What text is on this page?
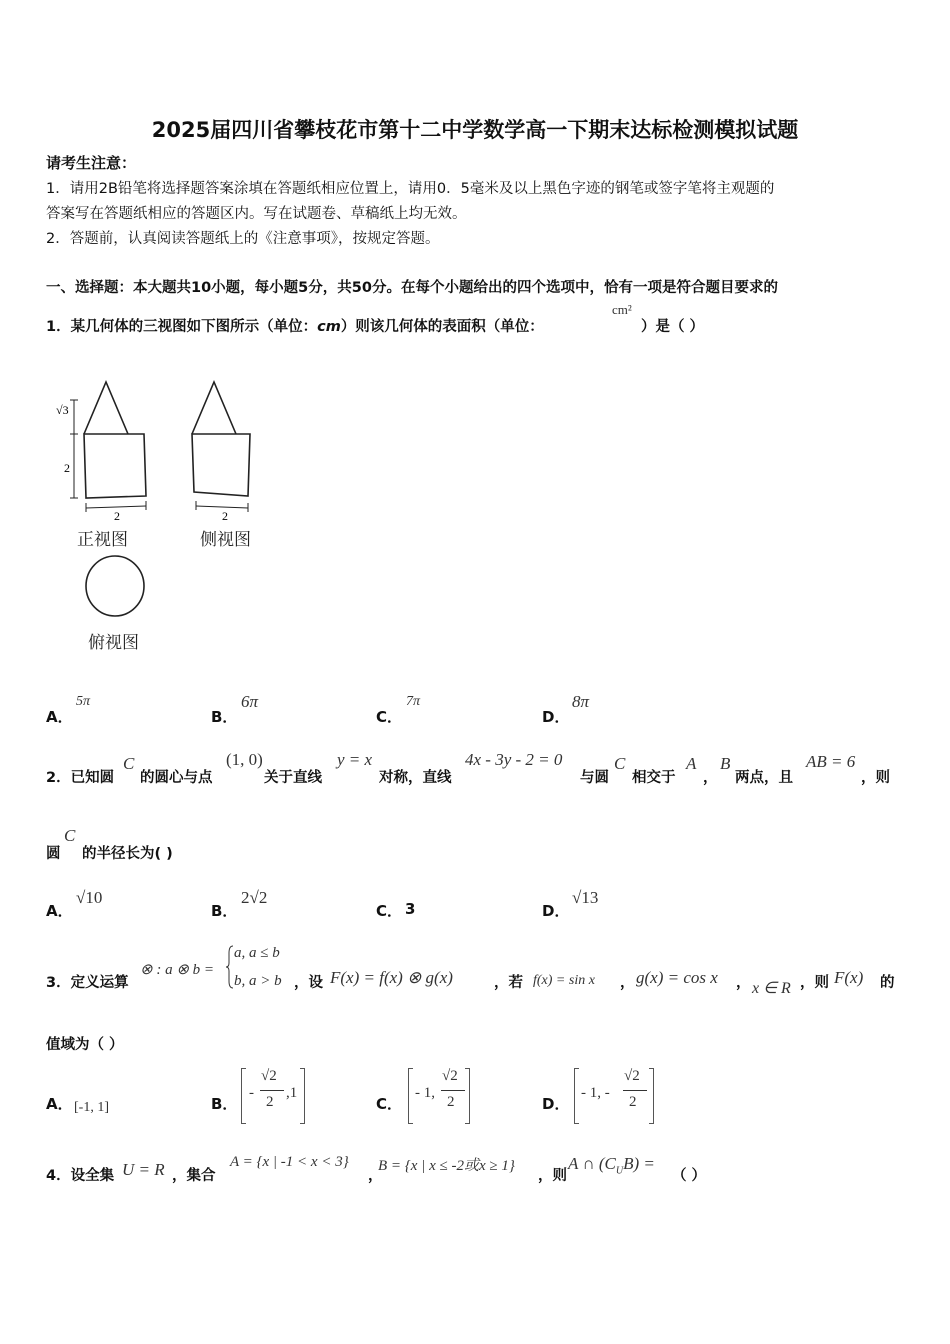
2025届四川省攀枝花市第十二中学数学高一下期末达标检测模拟试题
请考生注意：
1．请用2B铅笔将选择题答案涂填在答题纸相应位置上，请用0．5毫米及以上黑色字迹的钢笔或签字笔将主观题的
答案写在答题纸相应的答题区内。写在试题卷、草稿纸上均无效。
2．答题前，认真阅读答题纸上的《注意事项》，按规定答题。
一、选择题：本大题共10小题，每小题5分，共50分。在每个小题给出的四个选项中，恰有一项是符合题目要求的
1．某几何体的三视图如下图所示（单位：cm）则该几何体的表面积（单位：
cm²
）是（ ）
√3
2
2	2
正视图	侧视图
俯视图
A．
5π
B．
6π
C．
7π
D．
8π
2．已知圆
C
的圆心与点
(1, 0)
关于直线
y = x
对称，直线
4x - 3y - 2 = 0
与圆
C
相交于
A
，
B
两点，且
AB = 6
，则
圆
C
的半径长为( )
A．
√10
B．
2√2
C． 3	D．
√13
3．定义运算
⊗ : a ⊗ b =
a, a ≤ b
b, a > b ，设 F(x) = f(x) ⊗ g(x)	，若 f(x) = sin x ， g(x) = cos x ， x ∈ R ，则 F(x) 的
值域为（ ）
A． [-1, 1]	B．
-
√2
2
,1
C．
- 1,
√2
2	D．
- 1, -
√2
2
4．设全集 U = R ，集合
A = {x | -1 < x < 3}
，
B = {x | x ≤ -2或x ≥ 1}
，则
A ∩ $(C_UB)$ =
（ ）
